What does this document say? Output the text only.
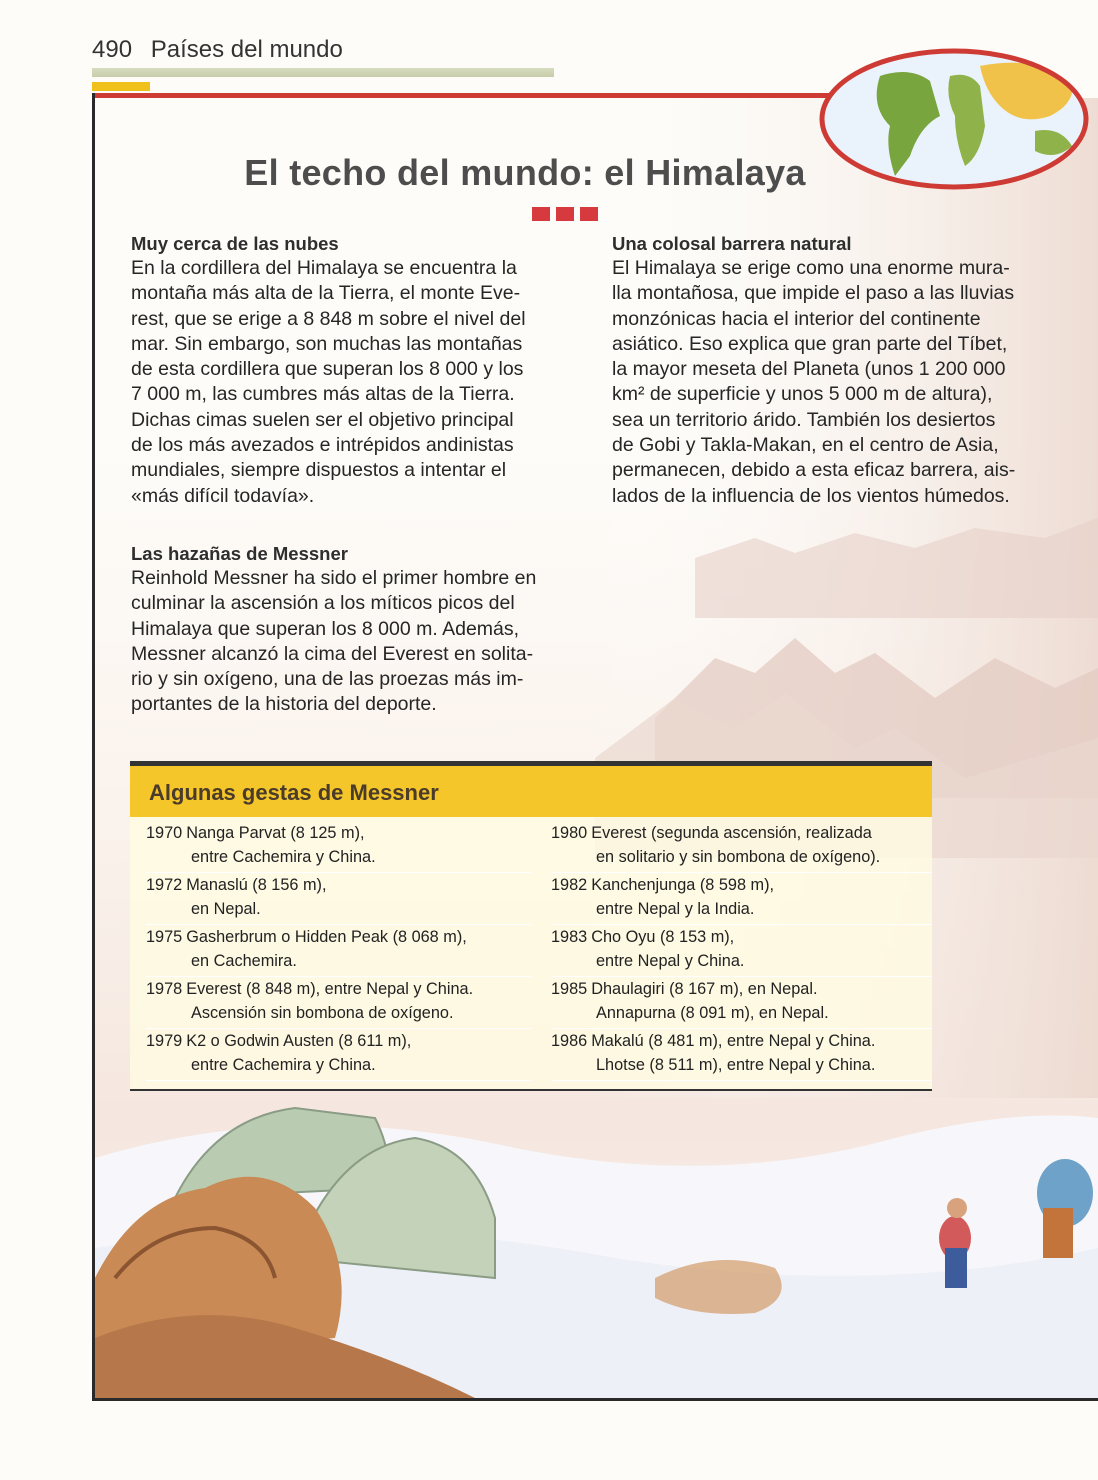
490 Países del mundo
El techo del mundo: el Himalaya
Muy cerca de las nubes
En la cordillera del Himalaya se encuentra la
montaña más alta de la Tierra, el monte Eve-
rest, que se erige a 8 848 m sobre el nivel del
mar. Sin embargo, son muchas las montañas
de esta cordillera que superan los 8 000 y los
7 000 m, las cumbres más altas de la Tierra.
Dichas cimas suelen ser el objetivo principal
de los más avezados e intrépidos andinistas
mundiales, siempre dispuestos a intentar el
«más difícil todavía».
Una colosal barrera natural
El Himalaya se erige como una enorme mura-
lla montañosa, que impide el paso a las lluvias
monzónicas hacia el interior del continente
asiático. Eso explica que gran parte del Tíbet,
la mayor meseta del Planeta (unos 1 200 000
km² de superficie y unos 5 000 m de altura),
sea un territorio árido. También los desiertos
de Gobi y Takla-Makan, en el centro de Asia,
permanecen, debido a esta eficaz barrera, ais-
lados de la influencia de los vientos húmedos.
Las hazañas de Messner
Reinhold Messner ha sido el primer hombre en
culminar la ascensión a los míticos picos del
Himalaya que superan los 8 000 m. Además,
Messner alcanzó la cima del Everest en solita-
rio y sin oxígeno, una de las proezas más im-
portantes de la historia del deporte.
Algunas gestas de Messner
1970 Nanga Parvat (8 125 m),
entre Cachemira y China.
1972 Manaslú (8 156 m),
en Nepal.
1975 Gasherbrum o Hidden Peak (8 068 m),
en Cachemira.
1978 Everest (8 848 m), entre Nepal y China.
Ascensión sin bombona de oxígeno.
1979 K2 o Godwin Austen (8 611 m),
entre Cachemira y China.
1980 Everest (segunda ascensión, realizada
en solitario y sin bombona de oxígeno).
1982 Kanchenjunga (8 598 m),
entre Nepal y la India.
1983 Cho Oyu (8 153 m),
entre Nepal y China.
1985 Dhaulagiri (8 167 m), en Nepal.
Annapurna (8 091 m), en Nepal.
1986 Makalú (8 481 m), entre Nepal y China.
Lhotse (8 511 m), entre Nepal y China.
